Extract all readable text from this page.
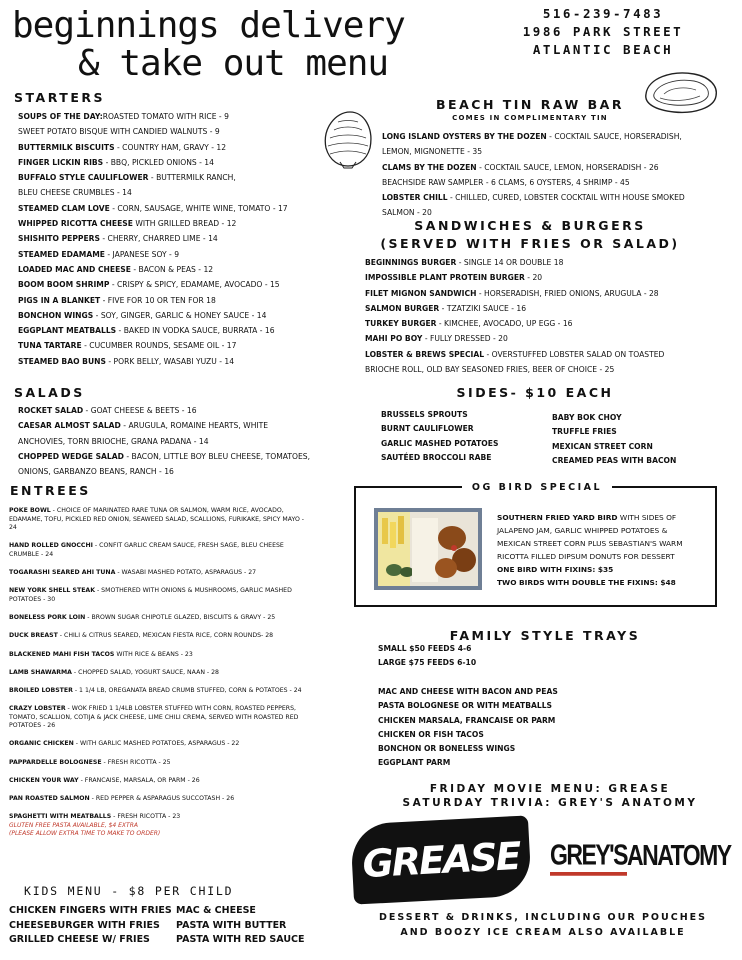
beginnings delivery
& take out menu
516-239-7483
1986 PARK STREET
ATLANTIC BEACH
STARTERS
SOUPS OF THE DAY:ROASTED TOMATO WITH RICE - 9
SWEET POTATO BISQUE WITH CANDIED WALNUTS - 9
BUTTERMILK BISCUITS - COUNTRY HAM, GRAVY - 12
FINGER LICKIN RIBS - BBQ, PICKLED ONIONS - 14
BUFFALO STYLE CAULIFLOWER - BUTTERMILK RANCH,
BLEU CHEESE CRUMBLES - 14
STEAMED CLAM LOVE - CORN, SAUSAGE, WHITE WINE, TOMATO - 17
WHIPPED RICOTTA CHEESE WITH GRILLED BREAD - 12
SHISHITO PEPPERS - CHERRY, CHARRED LIME - 14
STEAMED EDAMAME - JAPANESE SOY - 9
LOADED MAC AND CHEESE - BACON & PEAS - 12
BOOM BOOM SHRIMP - CRISPY & SPICY, EDAMAME, AVOCADO - 15
PIGS IN A BLANKET - FIVE FOR 10 OR TEN FOR 18
BONCHON WINGS - SOY, GINGER, GARLIC & HONEY SAUCE - 14
EGGPLANT MEATBALLS - BAKED IN VODKA SAUCE, BURRATA - 16
TUNA TARTARE - CUCUMBER ROUNDS, SESAME OIL - 17
STEAMED BAO BUNS - PORK BELLY, WASABI YUZU - 14
SALADS
ROCKET SALAD - GOAT CHEESE & BEETS - 16
CAESAR ALMOST SALAD - ARUGULA, ROMAINE HEARTS, WHITE
ANCHOVIES, TORN BRIOCHE, GRANA PADANA - 14
CHOPPED WEDGE SALAD - BACON, LITTLE BOY BLEU CHEESE, TOMATOES,
ONIONS, GARBANZO BEANS, RANCH - 16
BEACH TIN RAW BAR
COMES IN COMPLIMENTARY TIN
LONG ISLAND OYSTERS BY THE DOZEN - COCKTAIL SAUCE, HORSERADISH,
LEMON, MIGNONETTE - 35
CLAMS BY THE DOZEN - COCKTAIL SAUCE, LEMON, HORSERADISH - 26
BEACHSIDE RAW SAMPLER - 6 CLAMS, 6 OYSTERS, 4 SHRIMP - 45
LOBSTER CHILL - CHILLED, CURED, LOBSTER COCKTAIL WITH HOUSE SMOKED
SALMON - 20
SANDWICHES & BURGERS
(SERVED WITH FRIES OR SALAD)
BEGINNINGS BURGER - SINGLE 14 OR DOUBLE 18
IMPOSSIBLE PLANT PROTEIN BURGER - 20
FILET MIGNON SANDWICH - HORSERADISH, FRIED ONIONS, ARUGULA - 28
SALMON BURGER - TZATZIKI SAUCE - 16
TURKEY BURGER - KIMCHEE, AVOCADO, UP EGG - 16
MAHI PO BOY - FULLY DRESSED - 20
LOBSTER & BREWS SPECIAL - OVERSTUFFED LOBSTER SALAD ON TOASTED
BRIOCHE ROLL, OLD BAY SEASONED FRIES, BEER OF CHOICE - 25
SIDES- $10 EACH
BRUSSELS SPROUTS
BURNT CAULIFLOWER
GARLIC MASHED POTATOES
SAUTÉED BROCCOLI RABE
BABY BOK CHOY
TRUFFLE FRIES
MEXICAN STREET CORN
CREAMED PEAS WITH BACON
OG BIRD SPECIAL
SOUTHERN FRIED YARD BIRD WITH SIDES OF
JALAPENO JAM, GARLIC WHIPPED POTATOES &
MEXICAN STREET CORN PLUS SEBASTIAN'S WARM
RICOTTA FILLED DIPSUM DONUTS FOR DESSERT
ONE BIRD WITH FIXINS: $35
TWO BIRDS WITH DOUBLE THE FIXINS: $48
ENTREES
POKE BOWL - CHOICE OF MARINATED RARE TUNA OR SALMON, WARM RICE, AVOCADO, EDAMAME, TOFU, PICKLED RED ONION, SEAWEED SALAD, SCALLIONS, FURIKAKE, SPICY MAYO - 24
HAND ROLLED GNOCCHI - CONFIT GARLIC CREAM SAUCE, FRESH SAGE, BLEU CHEESE CRUMBLE - 24
TOGARASHI SEARED AHI TUNA - WASABI MASHED POTATO, ASPARAGUS - 27
NEW YORK SHELL STEAK - SMOTHERED WITH ONIONS & MUSHROOMS, GARLIC MASHED POTATOES - 30
BONELESS PORK LOIN - BROWN SUGAR CHIPOTLE GLAZED, BISCUITS & GRAVY - 25
DUCK BREAST - CHILI & CITRUS SEARED, MEXICAN FIESTA RICE, CORN ROUNDS- 28
BLACKENED MAHI FISH TACOS WITH RICE & BEANS - 23
LAMB SHAWARMA - CHOPPED SALAD, YOGURT SAUCE, NAAN - 28
BROILED LOBSTER - 1 1/4 LB, OREGANATA BREAD CRUMB STUFFED, CORN & POTATOES - 24
CRAZY LOBSTER - WOK FRIED 1 1/4LB LOBSTER STUFFED WITH CORN, ROASTED PEPPERS, TOMATO, SCALLION, COTIJA & JACK CHEESE, LIME CHILI CREMA, SERVED WITH ROASTED RED POTATOES - 26
ORGANIC CHICKEN - WITH GARLIC MASHED POTATOES, ASPARAGUS - 22
PAPPARDELLE BOLOGNESE - FRESH RICOTTA - 25
CHICKEN YOUR WAY - FRANCAISE, MARSALA, OR PARM - 26
PAN ROASTED SALMON - RED PEPPER & ASPARAGUS SUCCOTASH - 26
SPAGHETTI WITH MEATBALLS - FRESH RICOTTA - 23
GLUTEN FREE PASTA AVAILABLE, $4 EXTRA
(PLEASE ALLOW EXTRA TIME TO MAKE TO ORDER)
FAMILY STYLE TRAYS
SMALL $50 FEEDS 4-6
LARGE $75 FEEDS 6-10
MAC AND CHEESE WITH BACON AND PEAS
PASTA BOLOGNESE OR WITH MEATBALLS
CHICKEN MARSALA, FRANCAISE OR PARM
CHICKEN OR FISH TACOS
BONCHON OR BONELESS WINGS
EGGPLANT PARM
FRIDAY MOVIE MENU: GREASE
SATURDAY TRIVIA: GREY'S ANATOMY
GREASE	GREY'SANATOMY
KIDS MENU - $8 PER CHILD
CHICKEN FINGERS WITH FRIES
CHEESEBURGER WITH FRIES
GRILLED CHEESE W/ FRIES
MAC & CHEESE
PASTA WITH BUTTER
PASTA WITH RED SAUCE
DESSERT & DRINKS, INCLUDING OUR POUCHES
AND BOOZY ICE CREAM ALSO AVAILABLE
